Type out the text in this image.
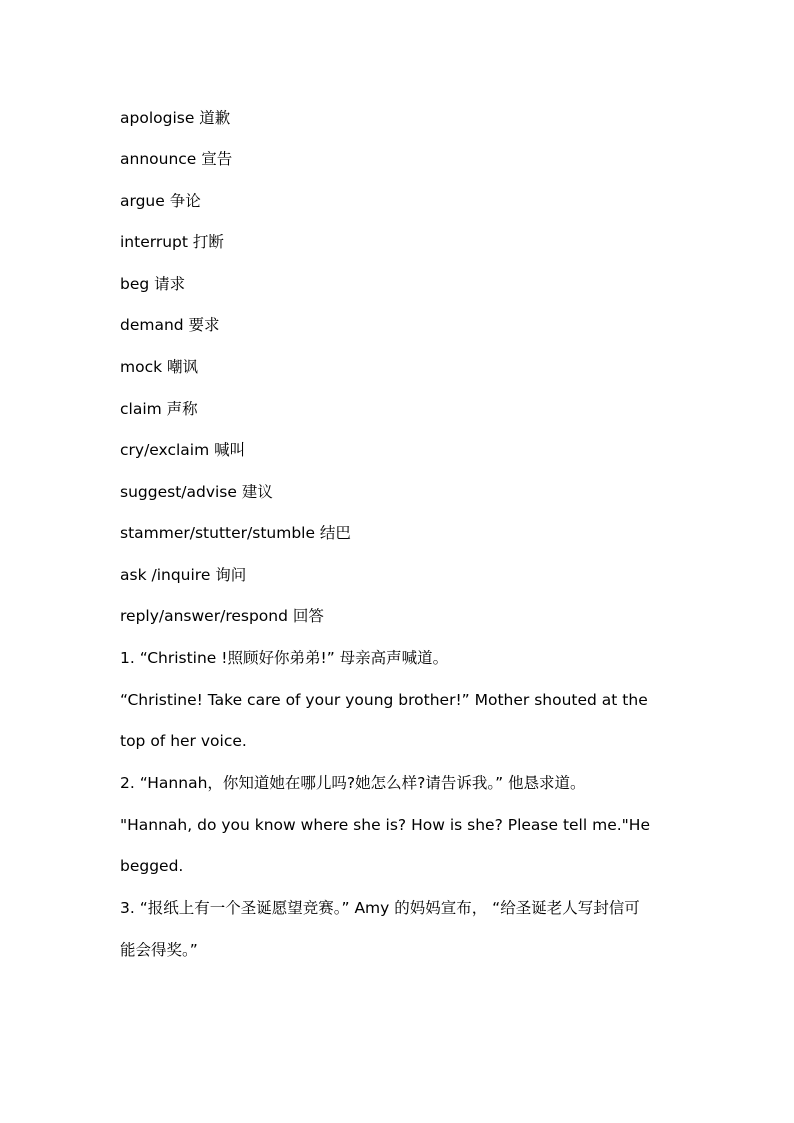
apologise 道歉
announce 宣告
argue 争论
interrupt 打断
beg 请求
demand 要求
mock 嘲讽
claim 声称
cry/exclaim 喊叫
suggest/advise 建议
stammer/stutter/stumble 结巴
ask /inquire 询问
reply/answer/respond 回答
1. “Christine !照顾好你弟弟!” 母亲高声喊道。
“Christine! Take care of your young brother!” Mother shouted at the
top of her voice.
2. “Hannah，你知道她在哪儿吗?她怎么样?请告诉我。” 他恳求道。
"Hannah, do you know where she is? How is she? Please tell me."He
begged.
3. “报纸上有一个圣诞愿望竞赛。” Amy 的妈妈宣布， “给圣诞老人写封信可
能会得奖。”
